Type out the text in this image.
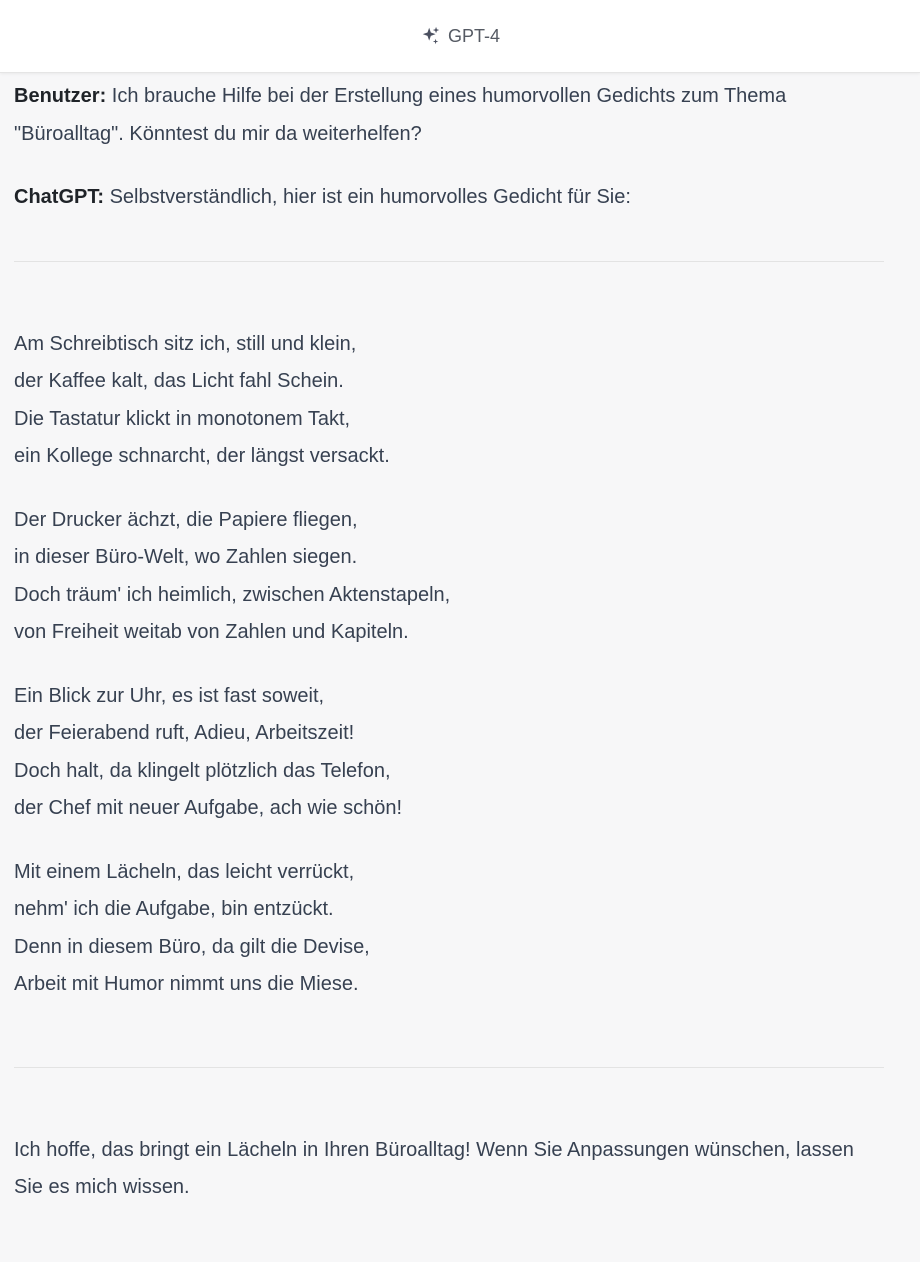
GPT-4

Benutzer: Ich brauche Hilfe bei der Erstellung eines humorvollen Gedichts zum Thema "Büroalltag". Könntest du mir da weiterhelfen?

ChatGPT: Selbstverständlich, hier ist ein humorvolles Gedicht für Sie:

Am Schreibtisch sitz ich, still und klein,
der Kaffee kalt, das Licht fahl Schein.
Die Tastatur klickt in monotonem Takt,
ein Kollege schnarcht, der längst versackt.

Der Drucker ächzt, die Papiere fliegen,
in dieser Büro-Welt, wo Zahlen siegen.
Doch träum' ich heimlich, zwischen Aktenstapeln,
von Freiheit weitab von Zahlen und Kapiteln.

Ein Blick zur Uhr, es ist fast soweit,
der Feierabend ruft, Adieu, Arbeitszeit!
Doch halt, da klingelt plötzlich das Telefon,
der Chef mit neuer Aufgabe, ach wie schön!

Mit einem Lächeln, das leicht verrückt,
nehm' ich die Aufgabe, bin entzückt.
Denn in diesem Büro, da gilt die Devise,
Arbeit mit Humor nimmt uns die Miese.

Ich hoffe, das bringt ein Lächeln in Ihren Büroalltag! Wenn Sie Anpassungen wünschen, lassen Sie es mich wissen.
